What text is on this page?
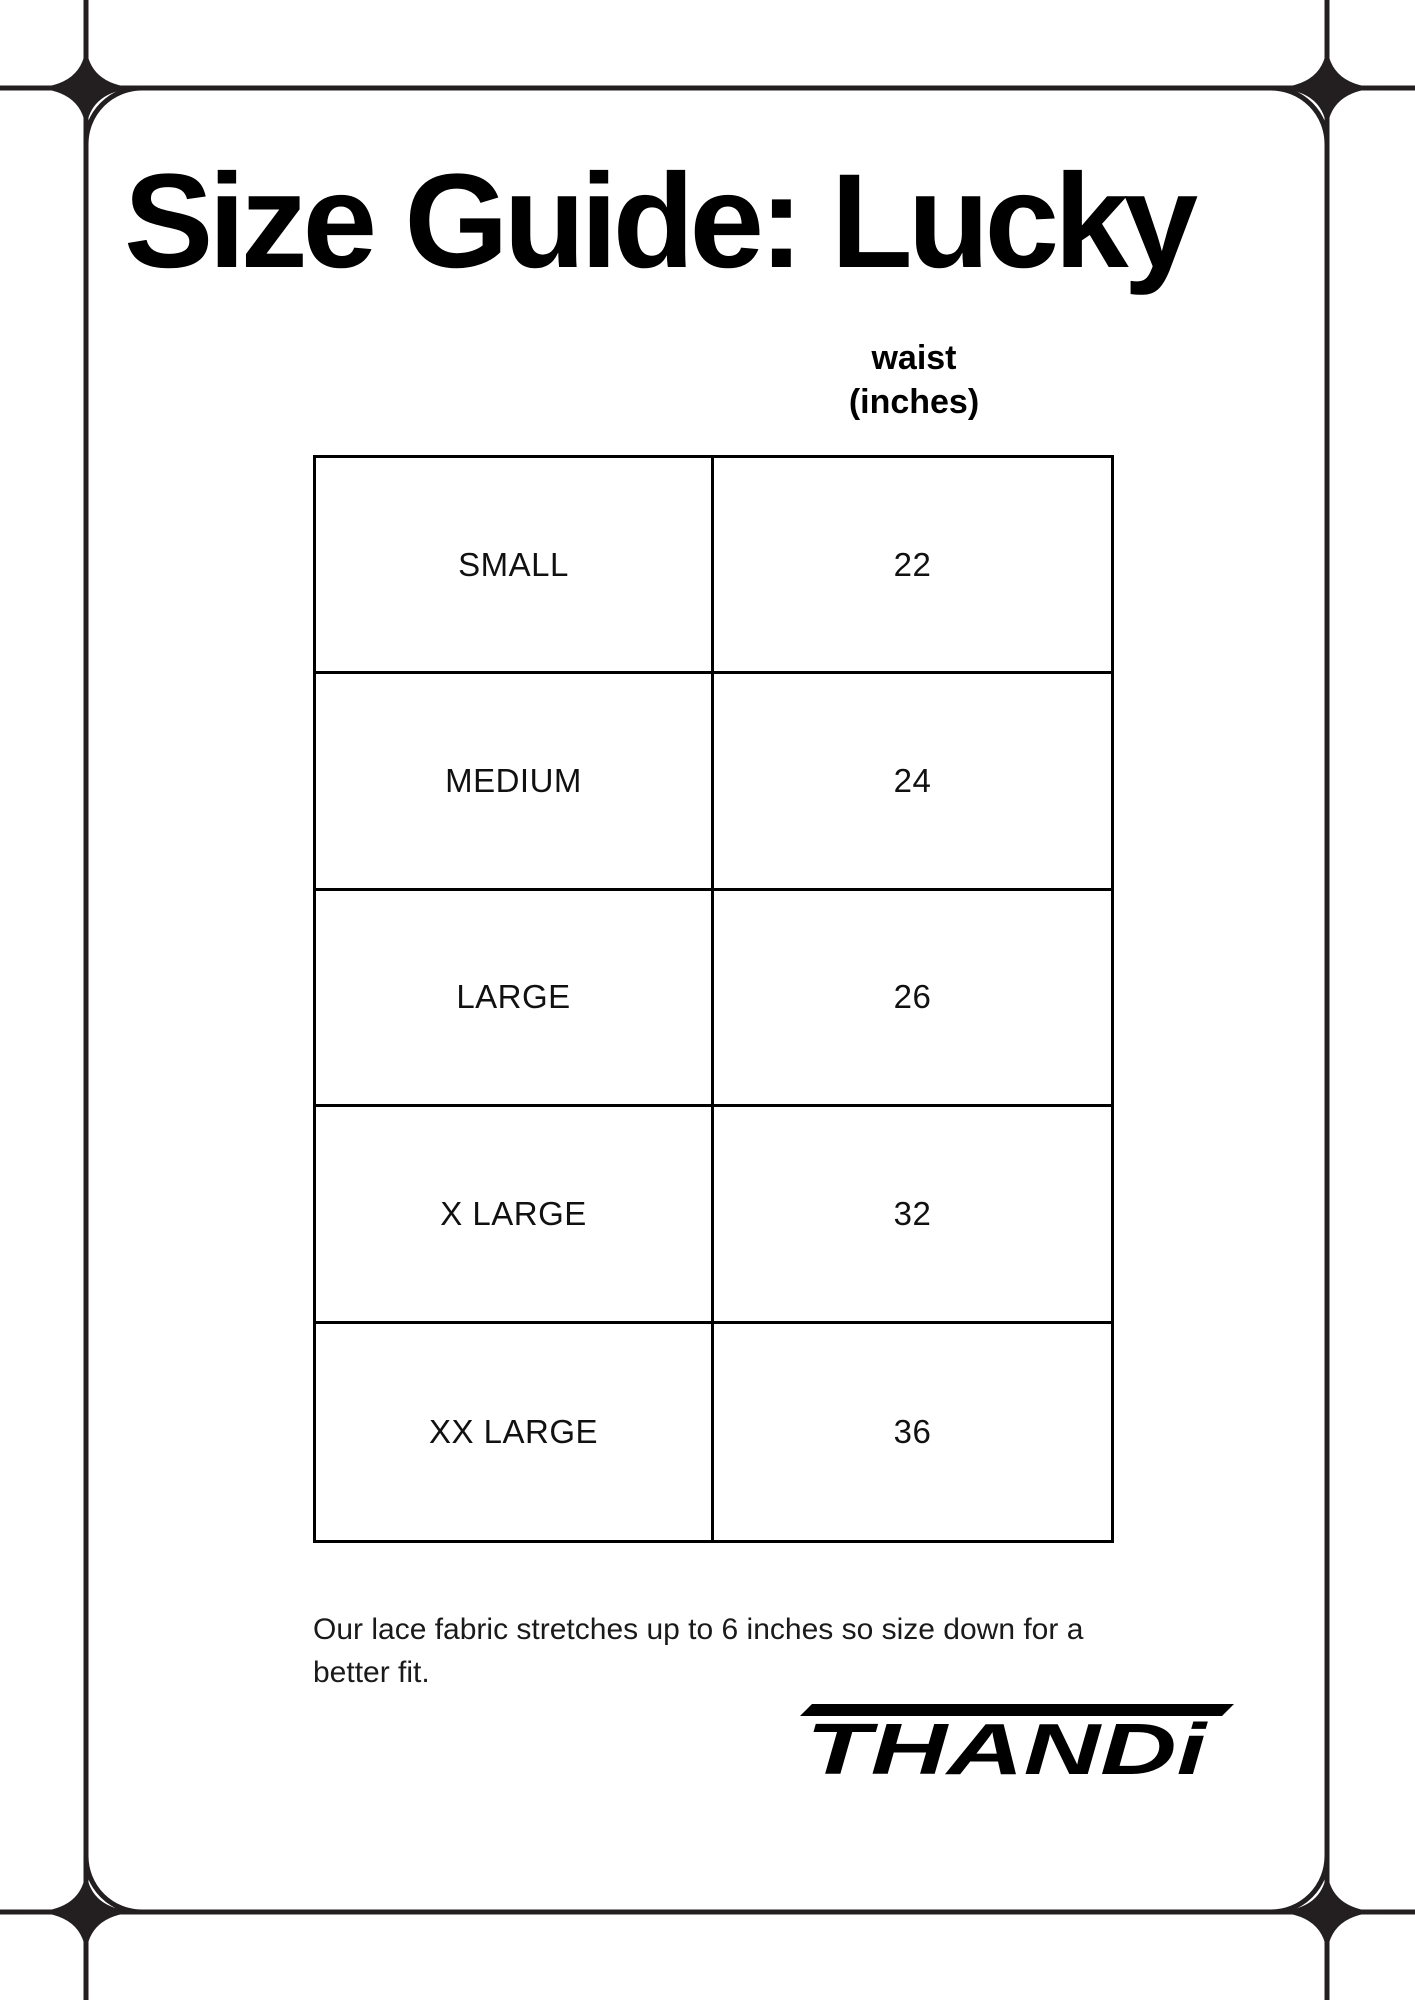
Size Guide: Lucky
waist
(inches)
SMALL	22
MEDIUM	24
LARGE	26
X LARGE	32
XX LARGE	36

Our lace fabric stretches up to 6 inches so size down for a
better fit.

THANDi
